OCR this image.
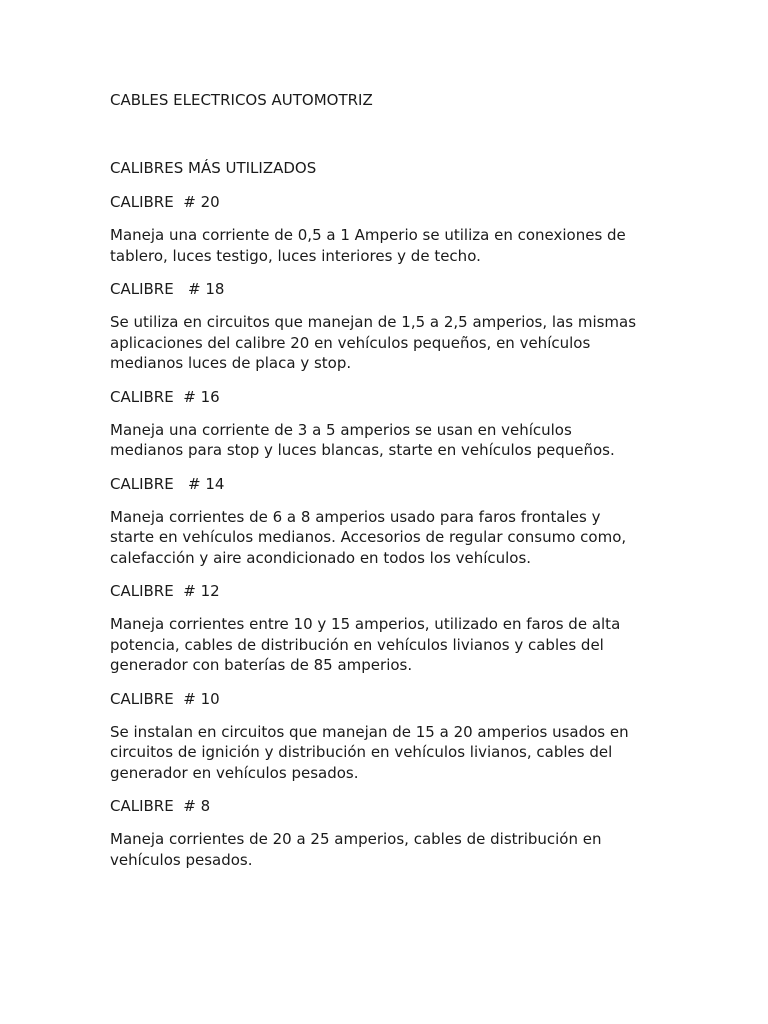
CABLES ELECTRICOS AUTOMOTRIZ

CALIBRES MÁS UTILIZADOS

CALIBRE  # 20

Maneja una corriente de 0,5 a 1 Amperio se utiliza en conexiones de
tablero, luces testigo, luces interiores y de techo.

CALIBRE   # 18

Se utiliza en circuitos que manejan de 1,5 a 2,5 amperios, las mismas
aplicaciones del calibre 20 en vehículos pequeños, en vehículos
medianos luces de placa y stop.

CALIBRE  # 16

Maneja una corriente de 3 a 5 amperios se usan en vehículos
medianos para stop y luces blancas, starte en vehículos pequeños.

CALIBRE   # 14

Maneja corrientes de 6 a 8 amperios usado para faros frontales y
starte en vehículos medianos. Accesorios de regular consumo como,
calefacción y aire acondicionado en todos los vehículos.

CALIBRE  # 12

Maneja corrientes entre 10 y 15 amperios, utilizado en faros de alta
potencia, cables de distribución en vehículos livianos y cables del
generador con baterías de 85 amperios.

CALIBRE  # 10

Se instalan en circuitos que manejan de 15 a 20 amperios usados en
circuitos de ignición y distribución en vehículos livianos, cables del
generador en vehículos pesados.

CALIBRE  # 8

Maneja corrientes de 20 a 25 amperios, cables de distribución en
vehículos pesados.
